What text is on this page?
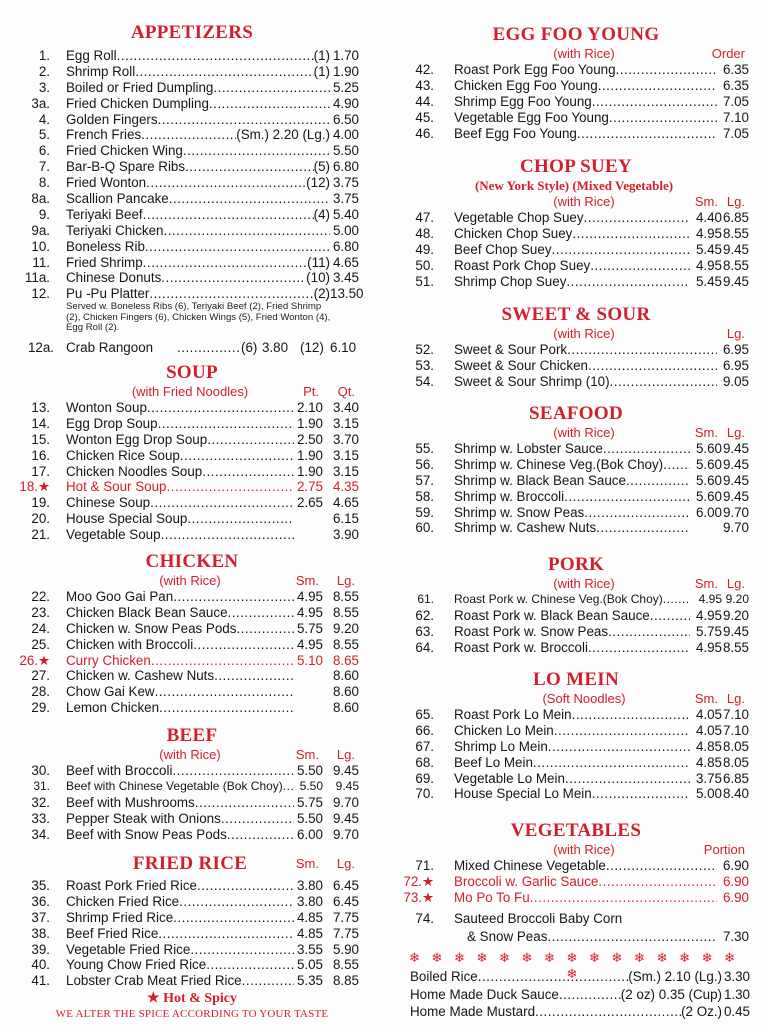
APPETIZERS
1. Egg Roll .....	(1) 1.70
2. Shrimp Roll .....	(1) 1.90
3. Boiled or Fried Dumpling .....	5.25
3a. Fried Chicken Dumpling .....	4.90
4. Golden Fingers .....	6.50
5. French Fries .....	(Sm.) 2.20 (Lg.) 4.00
6. Fried Chicken Wing .....	5.50
7. Bar-B-Q Spare Ribs .....	(5) 6.80
8. Fried Wonton .....	(12) 3.75
8a. Scallion Pancake .....	3.75
9. Teriyaki Beef .....	(4) 5.40
9a. Teriyaki Chicken .....	5.00
10. Boneless Rib .....	6.80
11. Fried Shrimp .....	(11) 4.65
11a. Chinese Donuts .....	(10) 3.45
12. Pu -Pu Platter .....	(2) 13.50
Served w. Boneless Ribs (6), Teriyaki Beef (2), Fried Shrimp (2), Chicken Fingers (6), Chicken Wings (5), Fried Wonton (4), Egg Roll (2).
12a. Crab Rangoon ............... (6) 3.80 (12) 6.10
SOUP
(with Fried Noodles)	Pt.	Qt.
13. Wonton Soup .....	2.10 3.40
14. Egg Drop Soup .....	1.90 3.15
15. Wonton Egg Drop Soup .....	2.50 3.70
16. Chicken Rice Soup .....	1.90 3.15
17. Chicken Noodles Soup .....	1.90 3.15
18.★ Hot & Sour Soup .....	2.75 4.35
19. Chinese Soup .....	2.65 4.65
20. House Special Soup .....	6.15
21. Vegetable Soup .....	3.90
CHICKEN
(with Rice)	Sm.	Lg.
22. Moo Goo Gai Pan .....	4.95 8.55
23. Chicken Black Bean Sauce .....	4.95 8.55
24. Chicken w. Snow Peas Pods .....	5.75 9.20
25. Chicken with Broccoli .....	4.95 8.55
26.★ Curry Chicken .....	5.10 8.65
27. Chicken w. Cashew Nuts .....	8.60
28. Chow Gai Kew .....	8.60
29. Lemon Chicken .....	8.60
BEEF
(with Rice)	Sm.	Lg.
30. Beef with Broccoli .....	5.50 9.45
31. Beef with Chinese Vegetable (Bok Choy) .....	5.50	9.45
32. Beef with Mushrooms .....	5.75 9.70
33. Pepper Steak with Onions .....	5.50 9.45
34. Beef with Snow Peas Pods .....	6.00 9.70
FRIED RICE	Sm.	Lg.
35. Roast Pork Fried Rice .....	3.80 6.45
36. Chicken Fried Rice .....	3.80 6.45
37. Shrimp Fried Rice .....	4.85 7.75
38. Beef Fried Rice .....	4.85 7.75
39. Vegetable Fried Rice .....	3.55 5.90
40. Young Chow Fried Rice .....	5.05 8.55
41. Lobster Crab Meat Fried Rice .....	5.35 8.85
★ Hot & Spicy
WE ALTER THE SPICE ACCORDING TO YOUR TASTE
EGG FOO YOUNG
(with Rice)	Order
42. Roast Pork Egg Foo Young .....	6.35
43. Chicken Egg Foo Young .....	6.35
44. Shrimp Egg Foo Young .....	7.05
45. Vegetable Egg Foo Young .....	7.10
46. Beef Egg Foo Young .....	7.05
CHOP SUEY
(New York Style) (Mixed Vegetable)
(with Rice)	Sm. Lg.
47. Vegetable Chop Suey .....	4.40 6.85
48. Chicken Chop Suey .....	4.95 8.55
49. Beef Chop Suey .....	5.45 9.45
50. Roast Pork Chop Suey .....	4.95 8.55
51. Shrimp Chop Suey .....	5.45 9.45
SWEET & SOUR
(with Rice)	Lg.
52. Sweet & Sour Pork .....	6.95
53. Sweet & Sour Chicken .....	6.95
54. Sweet & Sour Shrimp (10) .....	9.05
SEAFOOD
(with Rice)	Sm. Lg.
55. Shrimp w. Lobster Sauce .....	5.60 9.45
56. Shrimp w. Chinese Veg.(Bok Choy) .....	5.60 9.45
57. Shrimp w. Black Bean Sauce .....	5.60 9.45
58. Shrimp w. Broccoli .....	5.60 9.45
59. Shrimp w. Snow Peas .....	6.00 9.70
60. Shrimp w. Cashew Nuts .....	9.70
PORK
(with Rice)	Sm. Lg.
61. Roast Pork w. Chinese Veg.(Bok Choy) .....	4.95 9.20
62. Roast Pork w. Black Bean Sauce .....	4.95 9.20
63. Roast Pork w. Snow Peas .....	5.75 9.45
64. Roast Pork w. Broccoli .....	4.95 8.55
LO MEIN
(Soft Noodles)	Sm. Lg.
65. Roast Pork Lo Mein .....	4.05 7.10
66. Chicken Lo Mein .....	4.05 7.10
67. Shrimp Lo Mein .....	4.85 8.05
68. Beef Lo Mein .....	4.85 8.05
69. Vegetable Lo Mein .....	3.75 6.85
70. House Special Lo Mein .....	5.00 8.40
VEGETABLES
(with Rice)	Portion
71. Mixed Chinese Vegetable .....	6.90
72.★ Broccoli w. Garlic Sauce .....	6.90
73.★ Mo Po To Fu .....	6.90
74. Sauteed Broccoli Baby Corn
& Snow Peas .....	7.30
❄ ❄ ❄ ❄ ❄ ❄ ❄ ❄ ❄ ❄ ❄ ❄ ❄ ❄ ❄ ❄
Boiled Rice .....	(Sm.) 2.10 (Lg.) 3.30
Home Made Duck Sauce .....	(2 oz) 0.35 (Cup) 1.30
Home Made Mustard .....	(2 Oz.) 0.45
